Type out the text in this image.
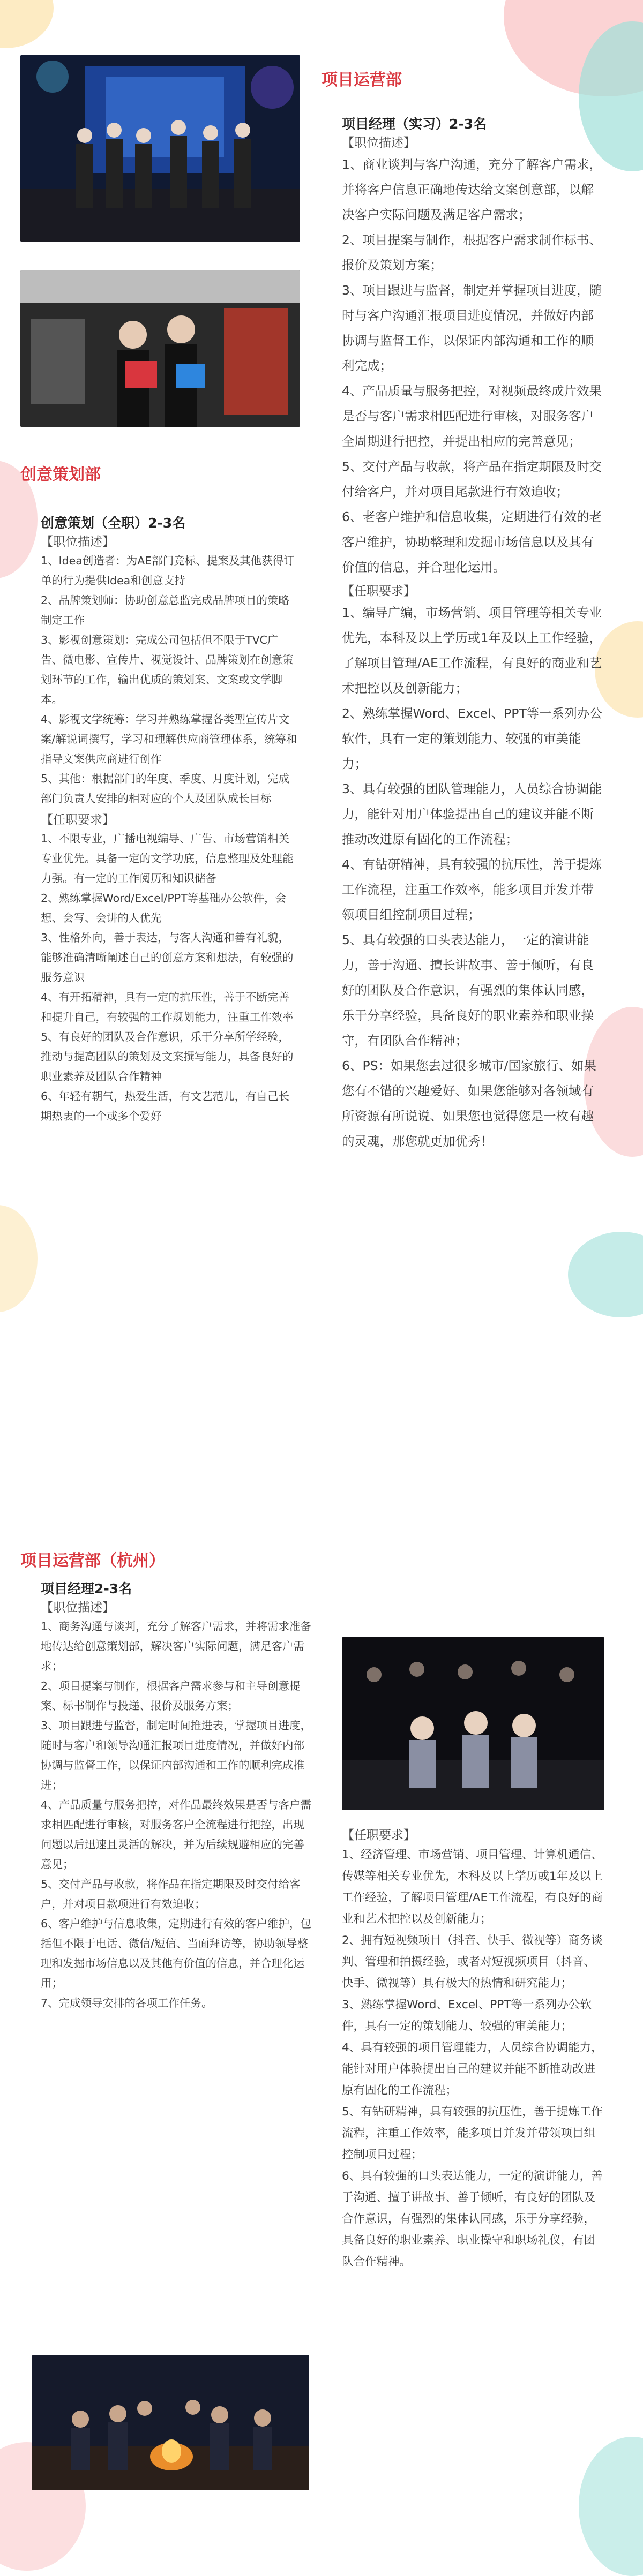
项目运营部

项目经理（实习）2-3名

【职位描述】

1、商业谈判与客户沟通，充分了解客户需求，并将客户信息正确地传达给文案创意部，以解决客户实际问题及满足客户需求；

2、项目提案与制作，根据客户需求制作标书、报价及策划方案；

3、项目跟进与监督，制定并掌握项目进度，随时与客户沟通汇报项目进度情况，并做好内部协调与监督工作，以保证内部沟通和工作的顺利完成；

4、产品质量与服务把控，对视频最终成片效果是否与客户需求相匹配进行审核，对服务客户全周期进行把控，并提出相应的完善意见；

5、交付产品与收款，将产品在指定期限及时交付给客户，并对项目尾款进行有效追收；

6、老客户维护和信息收集，定期进行有效的老客户维护，协助整理和发掘市场信息以及其有价值的信息，并合理化运用。

【任职要求】

1、编导广编，市场营销、项目管理等相关专业优先，本科及以上学历或1年及以上工作经验，了解项目管理/AE工作流程，有良好的商业和艺术把控以及创新能力；

2、熟练掌握Word、Excel、PPT等一系列办公软件，具有一定的策划能力、较强的审美能力；

3、具有较强的团队管理能力，人员综合协调能力，能针对用户体验提出自己的建议并能不断推动改进原有固化的工作流程；

4、有钻研精神，具有较强的抗压性，善于提炼工作流程，注重工作效率，能多项目并发并带领项目组控制项目过程；

5、具有较强的口头表达能力，一定的演讲能力，善于沟通、擅长讲故事、善于倾听，有良好的团队及合作意识，有强烈的集体认同感，乐于分享经验，具备良好的职业素养和职业操守，有团队合作精神；

6、PS：如果您去过很多城市/国家旅行、如果您有不错的兴趣爱好、如果您能够对各领域有所资源有所说说、如果您也觉得您是一枚有趣的灵魂，那您就更加优秀！

【任职要求】

1、经济管理、市场营销、项目管理、计算机通信、传媒等相关专业优先，本科及以上学历或1年及以上工作经验，了解项目管理/AE工作流程，有良好的商业和艺术把控以及创新能力；

2、拥有短视频项目（抖音、快手、微视等）商务谈判、管理和拍摄经验，或者对短视频项目（抖音、快手、微视等）具有极大的热情和研究能力；

3、熟练掌握Word、Excel、PPT等一系列办公软件，具有一定的策划能力、较强的审美能力；

4、具有较强的项目管理能力，人员综合协调能力，能针对用户体验提出自己的建议并能不断推动改进原有固化的工作流程；

5、有钻研精神，具有较强的抗压性，善于提炼工作流程，注重工作效率，能多项目并发并带领项目组控制项目过程；

6、具有较强的口头表达能力，一定的演讲能力，善于沟通、擅于讲故事、善于倾听，有良好的团队及合作意识，有强烈的集体认同感，乐于分享经验，具备良好的职业素养、职业操守和职场礼仪，有团队合作精神。

创意策划部

创意策划（全职）2-3名

【职位描述】

1、Idea创造者：为AE部门竞标、提案及其他获得订单的行为提供Idea和创意支持

2、品牌策划师：协助创意总监完成品牌项目的策略制定工作

3、影视创意策划：完成公司包括但不限于TVC广告、微电影、宣传片、视觉设计、品牌策划在创意策划环节的工作，输出优质的策划案、文案或文学脚本。

4、影视文学统筹：学习并熟练掌握各类型宣传片文案/解说词撰写，学习和理解供应商管理体系，统筹和指导文案供应商进行创作

5、其他：根据部门的年度、季度、月度计划，完成部门负责人安排的相对应的个人及团队成长目标

【任职要求】

1、不限专业，广播电视编导、广告、市场营销相关专业优先。具备一定的文学功底，信息整理及处理能力强。有一定的工作阅历和知识储备

2、熟练掌握Word/Excel/PPT等基础办公软件，会想、会写、会讲的人优先

3、性格外向，善于表达，与客人沟通和善有礼貌，能够准确清晰阐述自己的创意方案和想法，有较强的服务意识

4、有开拓精神，具有一定的抗压性，善于不断完善和提升自己，有较强的工作规划能力，注重工作效率

5、有良好的团队及合作意识，乐于分享所学经验，推动与提高团队的策划及文案撰写能力，具备良好的职业素养及团队合作精神

6、年轻有朝气，热爱生活，有文艺范儿，有自己长期热衷的一个或多个爱好

项目运营部（杭州）

项目经理2-3名

【职位描述】

1、商务沟通与谈判，充分了解客户需求，并将需求准备地传达给创意策划部，解决客户实际问题，满足客户需求；

2、项目提案与制作，根据客户需求参与和主导创意提案、标书制作与投递、报价及服务方案；

3、项目跟进与监督，制定时间推进表，掌握项目进度，随时与客户和领导沟通汇报项目进度情况，并做好内部协调与监督工作，以保证内部沟通和工作的顺利完成推进；

4、产品质量与服务把控，对作品最终效果是否与客户需求相匹配进行审核，对服务客户全流程进行把控，出现问题以后迅速且灵活的解决，并为后续规避相应的完善意见；

5、交付产品与收款，将作品在指定期限及时交付给客户，并对项目款项进行有效追收；

6、客户维护与信息收集，定期进行有效的客户维护，包括但不限于电话、微信/短信、当面拜访等，协助领导整理和发掘市场信息以及其他有价值的信息，并合理化运用；

7、完成领导安排的各项工作任务。
